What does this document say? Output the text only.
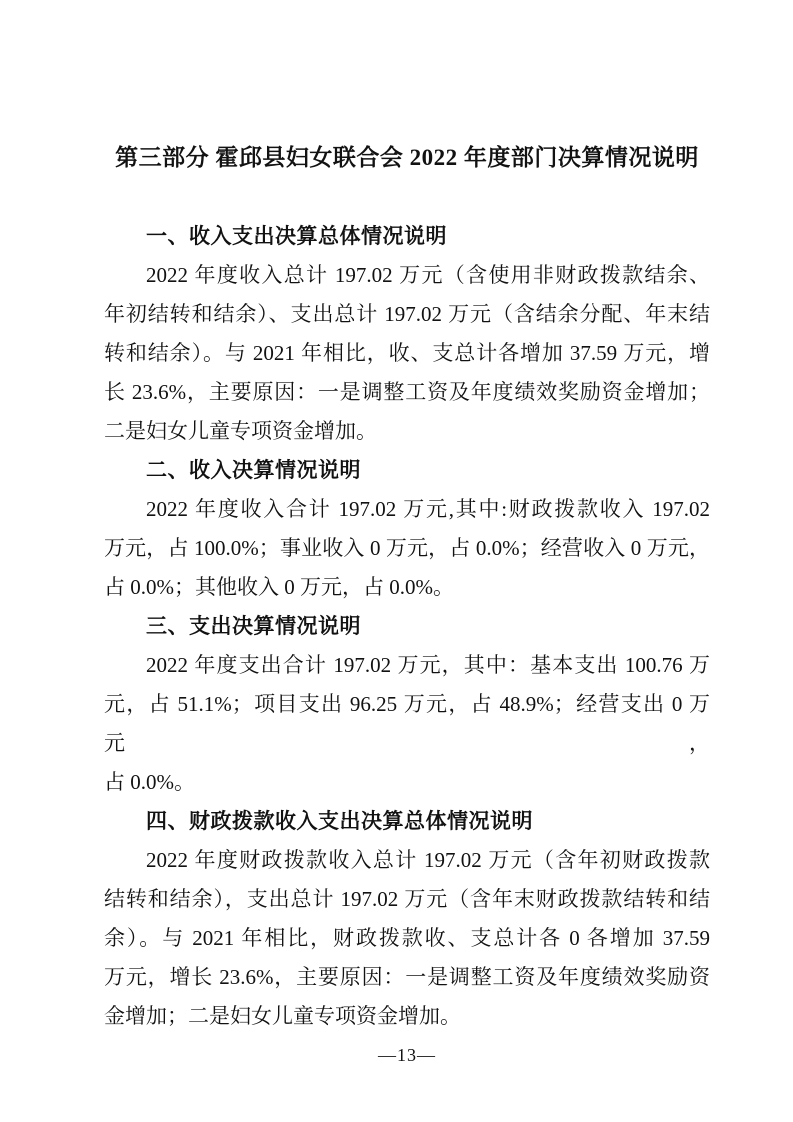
第三部分 霍邱县妇女联合会 2022 年度部门决算情况说明
一、收入支出决算总体情况说明
2022 年度收入总计 197.02 万元（含使用非财政拨款结余、
年初结转和结余）、支出总计 197.02 万元（含结余分配、年末结
转和结余）。与 2021 年相比，收、支总计各增加 37.59 万元，增
长 23.6%，主要原因：一是调整工资及年度绩效奖励资金增加；
二是妇女儿童专项资金增加。
二、收入决算情况说明
2022 年度收入合计 197.02 万元,其中:财政拨款收入 197.02
万元，占 100.0%；事业收入 0 万元，占 0.0%；经营收入 0 万元，
占 0.0%；其他收入 0 万元，占 0.0%。
三、支出决算情况说明
2022 年度支出合计 197.02 万元，其中：基本支出 100.76 万
元，占 51.1%；项目支出 96.25 万元，占 48.9%；经营支出 0 万元，
占 0.0%。
四、财政拨款收入支出决算总体情况说明
2022 年度财政拨款收入总计 197.02 万元（含年初财政拨款
结转和结余），支出总计 197.02 万元（含年末财政拨款结转和结
余）。与 2021 年相比，财政拨款收、支总计各 0 各增加 37.59
万元，增长 23.6%，主要原因：一是调整工资及年度绩效奖励资
金增加；二是妇女儿童专项资金增加。
—13—
